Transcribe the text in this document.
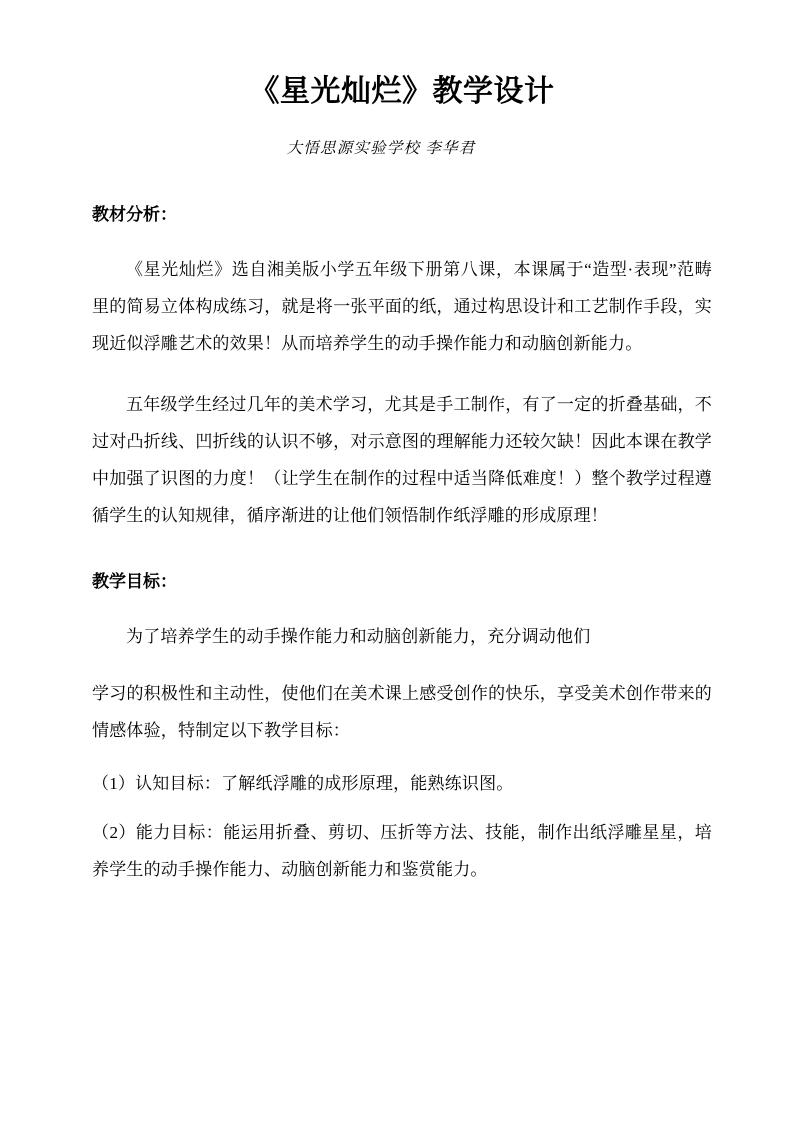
《星光灿烂》教学设计

大悟思源实验学校 李华君

教材分析：

《星光灿烂》选自湘美版小学五年级下册第八课，本课属于“造型·表现”范畴里的简易立体构成练习，就是将一张平面的纸，通过构思设计和工艺制作手段，实现近似浮雕艺术的效果！从而培养学生的动手操作能力和动脑创新能力。

五年级学生经过几年的美术学习，尤其是手工制作，有了一定的折叠基础，不过对凸折线、凹折线的认识不够，对示意图的理解能力还较欠缺！因此本课在教学中加强了识图的力度！（让学生在制作的过程中适当降低难度！）整个教学过程遵循学生的认知规律，循序渐进的让他们领悟制作纸浮雕的形成原理！

教学目标：

为了培养学生的动手操作能力和动脑创新能力，充分调动他们

学习的积极性和主动性，使他们在美术课上感受创作的快乐，享受美术创作带来的情感体验，特制定以下教学目标：

（1）认知目标：了解纸浮雕的成形原理，能熟练识图。

（2）能力目标：能运用折叠、剪切、压折等方法、技能，制作出纸浮雕星星，培养学生的动手操作能力、动脑创新能力和鉴赏能力。
